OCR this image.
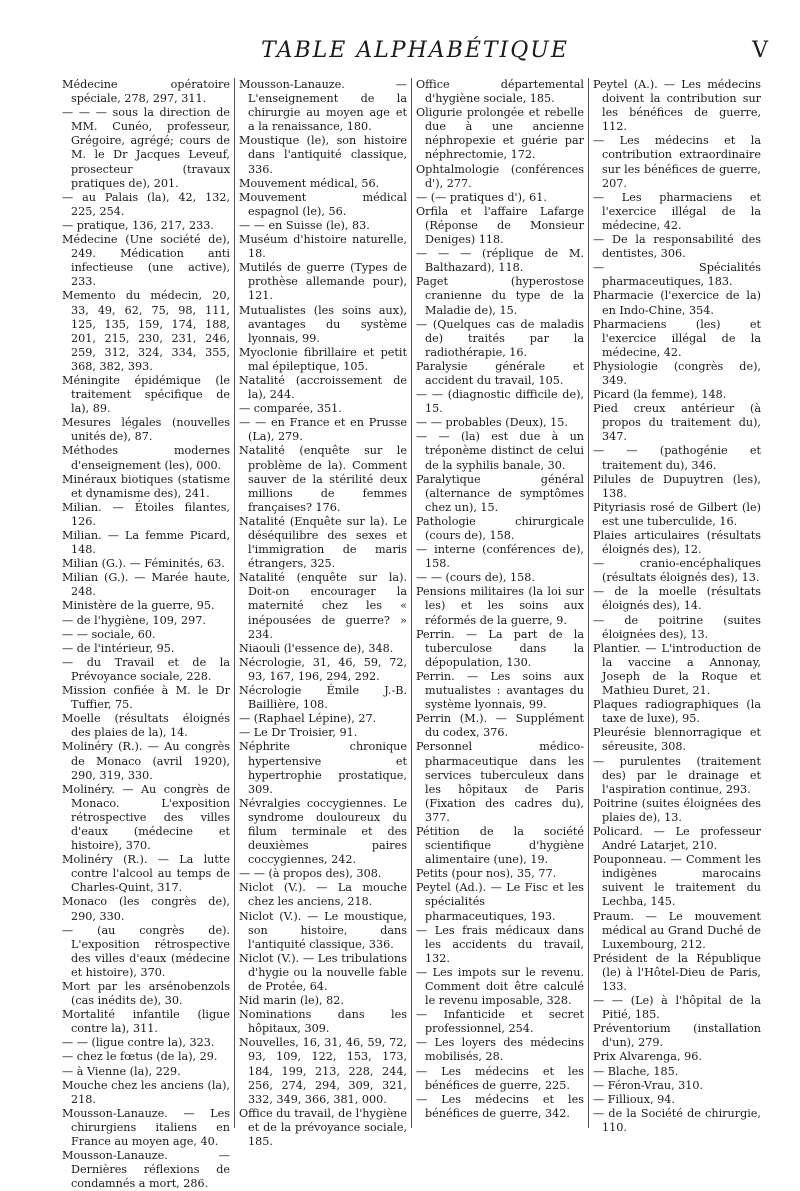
TABLE ALPHABÉTIQUE	V
Médecine opératoire spéciale, 278, 297, 311.
— — — sous la direction de MM. Cunéo, professeur, Grégoire, agrégé; cours de M. le Dr Jacques Leveuf, prosecteur (travaux pratiques de), 201.
— au Palais (la), 42, 132, 225, 254.
— pratique, 136, 217, 233.
Médecine (Une société de), 249. Médication anti infectieuse (une active), 233.
Memento du médecin, 20, 33, 49, 62, 75, 98, 111, 125, 135, 159, 174, 188, 201, 215, 230, 231, 246, 259, 312, 324, 334, 355, 368, 382, 393.
Méningite épidémique (le traitement spécifique de la), 89.
Mesures légales (nouvelles unités de), 87.
Méthodes modernes d'enseignement (les), 000.
Minéraux biotiques (statisme et dynamisme des), 241.
Milian. — Étoiles filantes, 126.
Milian. — La femme Picard, 148.
Milian (G.). — Féminités, 63.
Milian (G.). — Marée haute, 248.
Ministère de la guerre, 95.
— de l'hygiène, 109, 297.
— — sociale, 60.
— de l'intérieur, 95.
— du Travail et de la Prévoyance sociale, 228.
Mission confiée à M. le Dr Tuffier, 75.
Moelle (résultats éloignés des plaies de la), 14.
Molinéry (R.). — Au congrès de Monaco (avril 1920), 290, 319, 330.
Molinéry. — Au congrès de Monaco. L'exposition rétrospective des villes d'eaux (médecine et histoire), 370.
Molinéry (R.). — La lutte contre l'alcool au temps de Charles-Quint, 317.
Monaco (les congrès de), 290, 330.
— (au congrès de). L'exposition rétrospective des villes d'eaux (médecine et histoire), 370.
Mort par les arsénobenzols (cas inédits de), 30.
Mortalité infantile (ligue contre la), 311.
— — (ligue contre la), 323.
— chez le fœtus (de la), 29.
— à Vienne (la), 229.
Mouche chez les anciens (la), 218.
Mousson-Lanauze. — Les chirurgiens italiens en France au moyen age, 40.
Mousson-Lanauze. — Dernières réflexions de condamnés a mort, 286.
Mousson-Lanauze. — L'enseignement de la chirurgie au moyen age et a la renaissance, 180.
Moustique (le), son histoire dans l'antiquité classique, 336.
Mouvement médical, 56.
Mouvement médical espagnol (le), 56.
— — en Suisse (le), 83.
Muséum d'histoire naturelle, 18.
Mutilés de guerre (Types de prothèse allemande pour), 121.
Mutualistes (les soins aux), avantages du système lyonnais, 99.
Myoclonie fibrillaire et petit mal épileptique, 105.
Natalité (accroissement de la), 244.
— comparée, 351.
— — en France et en Prusse (La), 279.
Natalité (enquête sur le problème de la). Comment sauver de la stérilité deux millions de femmes françaises? 176.
Natalité (Enquête sur la). Le déséquilibre des sexes et l'immigration de maris étrangers, 325.
Natalité (enquête sur la). Doit-on encourager la maternité chez les « inépousées de guerre? » 234.
Niaouli (l'essence de), 348.
Nécrologie, 31, 46, 59, 72, 93, 167, 196, 294, 292.
Nécrologie Émile J.-B. Baillière, 108.
— (Raphael Lépine), 27.
— Le Dr Troisier, 91.
Néphrite chronique hypertensive et hypertrophie prostatique, 309.
Névralgies coccygiennes. Le syndrome douloureux du filum terminale et des deuxièmes paires coccygiennes, 242.
— — (à propos des), 308.
Niclot (V.). — La mouche chez les anciens, 218.
Niclot (V.). — Le moustique, son histoire, dans l'antiquité classique, 336.
Niclot (V.). — Les tribulations d'hygie ou la nouvelle fable de Protée, 64.
Nid marin (le), 82.
Nominations dans les hôpitaux, 309.
Nouvelles, 16, 31, 46, 59, 72, 93, 109, 122, 153, 173, 184, 199, 213, 228, 244, 256, 274, 294, 309, 321, 332, 349, 366, 381, 000.
Office du travail, de l'hygiène et de la prévoyance sociale, 185.
Office départemental d'hygiène sociale, 185.
Oligurie prolongée et rebelle due à une ancienne néphropexie et guérie par néphrectomie, 172.
Ophtalmologie (conférences d'), 277.
— (— pratiques d'), 61.
Orfila et l'affaire Lafarge (Réponse de Monsieur Deniges) 118.
— — — (réplique de M. Balthazard), 118.
Paget (hyperostose cranienne du type de la Maladie de), 15.
— (Quelques cas de maladis de) traités par la radiothérapie, 16.
Paralysie générale et accident du travail, 105.
— — (diagnostic difficile de), 15.
— — probables (Deux), 15.
— — (la) est due à un tréponème distinct de celui de la syphilis banale, 30.
Paralytique général (alternance de symptômes chez un), 15.
Pathologie chirurgicale (cours de), 158.
— interne (conférences de), 158.
— — (cours de), 158.
Pensions militaires (la loi sur les) et les soins aux réformés de la guerre, 9.
Perrin. — La part de la tuberculose dans la dépopulation, 130.
Perrin. — Les soins aux mutualistes : avantages du système lyonnais, 99.
Perrin (M.). — Supplément du codex, 376.
Personnel médico-pharmaceutique dans les services tuberculeux dans les hôpitaux de Paris (Fixation des cadres du), 377.
Pétition de la société scientifique d'hygiène alimentaire (une), 19.
Petits (pour nos), 35, 77.
Peytel (Ad.). — Le Fisc et les spécialités pharmaceutiques, 193.
— Les frais médicaux dans les accidents du travail, 132.
— Les impots sur le revenu. Comment doit être calculé le revenu imposable, 328.
— Infanticide et secret professionnel, 254.
— Les loyers des médecins mobilisés, 28.
— Les médecins et les bénéfices de guerre, 225.
— Les médecins et les bénéfices de guerre, 342.
Peytel (A.). — Les médecins doivent la contribution sur les bénéfices de guerre, 112.
— Les médecins et la contribution extraordinaire sur les bénéfices de guerre, 207.
— Les pharmaciens et l'exercice illégal de la médecine, 42.
— De la responsabilité des dentistes, 306.
— Spécialités pharmaceutiques, 183.
Pharmacie (l'exercice de la) en Indo-Chine, 354.
Pharmaciens (les) et l'exercice illégal de la médecine, 42.
Physiologie (congrès de), 349.
Picard (la femme), 148.
Pied creux antérieur (à propos du traitement du), 347.
— — (pathogénie et traitement du), 346.
Pilules de Dupuytren (les), 138.
Pityriasis rosé de Gilbert (le) est une tuberculide, 16.
Plaies articulaires (résultats éloignés des), 12.
— cranio-encéphaliques (résultats éloignés des), 13.
— de la moelle (résultats éloignés des), 14.
— de poitrine (suites éloignées des), 13.
Plantier. — L'introduction de la vaccine a Annonay, Joseph de la Roque et Mathieu Duret, 21.
Plaques radiographiques (la taxe de luxe), 95.
Pleurésie blennorragique et séreusite, 308.
— purulentes (traitement des) par le drainage et l'aspiration continue, 293.
Poitrine (suites éloignées des plaies de), 13.
Policard. — Le professeur André Latarjet, 210.
Pouponneau. — Comment les indigènes marocains suivent le traitement du Lechba, 145.
Praum. — Le mouvement médical au Grand Duché de Luxembourg, 212.
Président de la République (le) à l'Hôtel-Dieu de Paris, 133.
— — (Le) à l'hôpital de la Pitié, 185.
Préventorium (installation d'un), 279.
Prix Alvarenga, 96.
— Blache, 185.
— Féron-Vrau, 310.
— Fillioux, 94.
— de la Société de chirurgie, 110.
